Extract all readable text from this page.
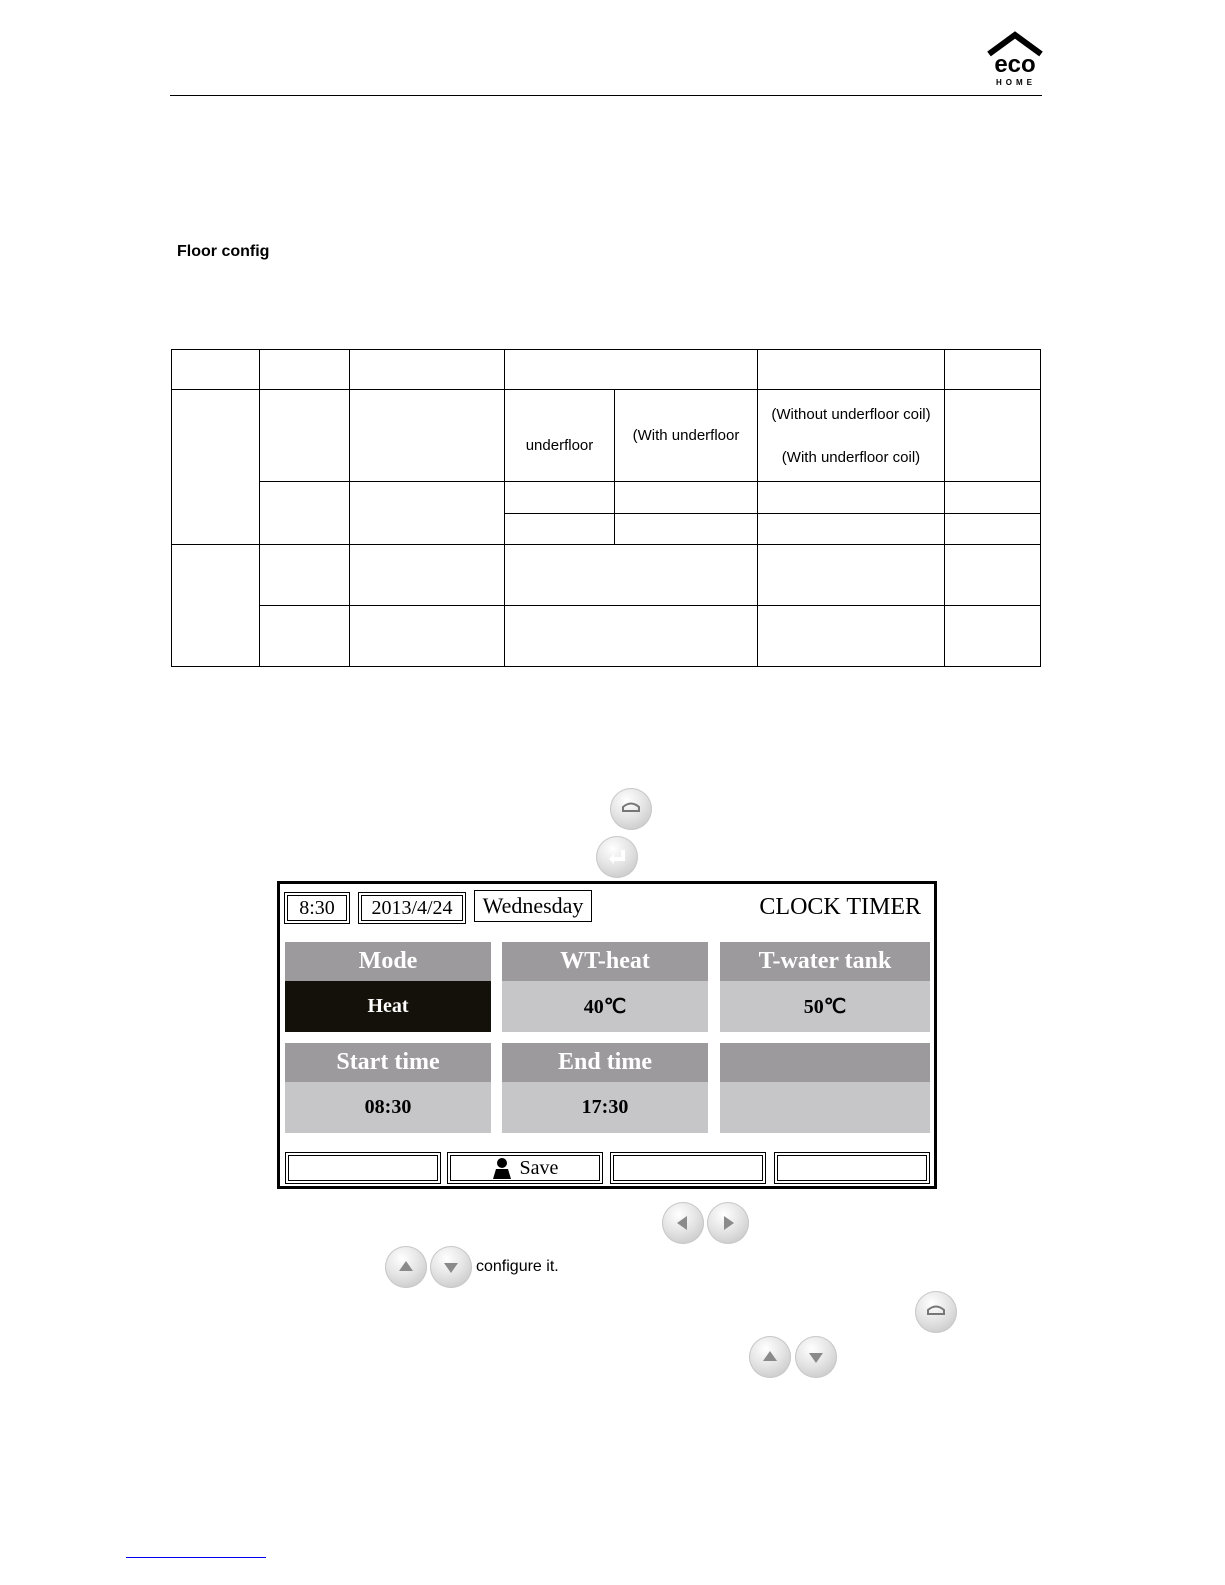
eco
HOME
Floor config

			underfloor	(With underfloor	(Without underfloor coil)
(With underfloor coil)	

8:30 2013/4/24 Wednesday	CLOCK TIMER
Mode
Heat
WT-heat
40℃
T-water tank
50℃
Start time
08:30
End time
17:30
Save
configure it.
